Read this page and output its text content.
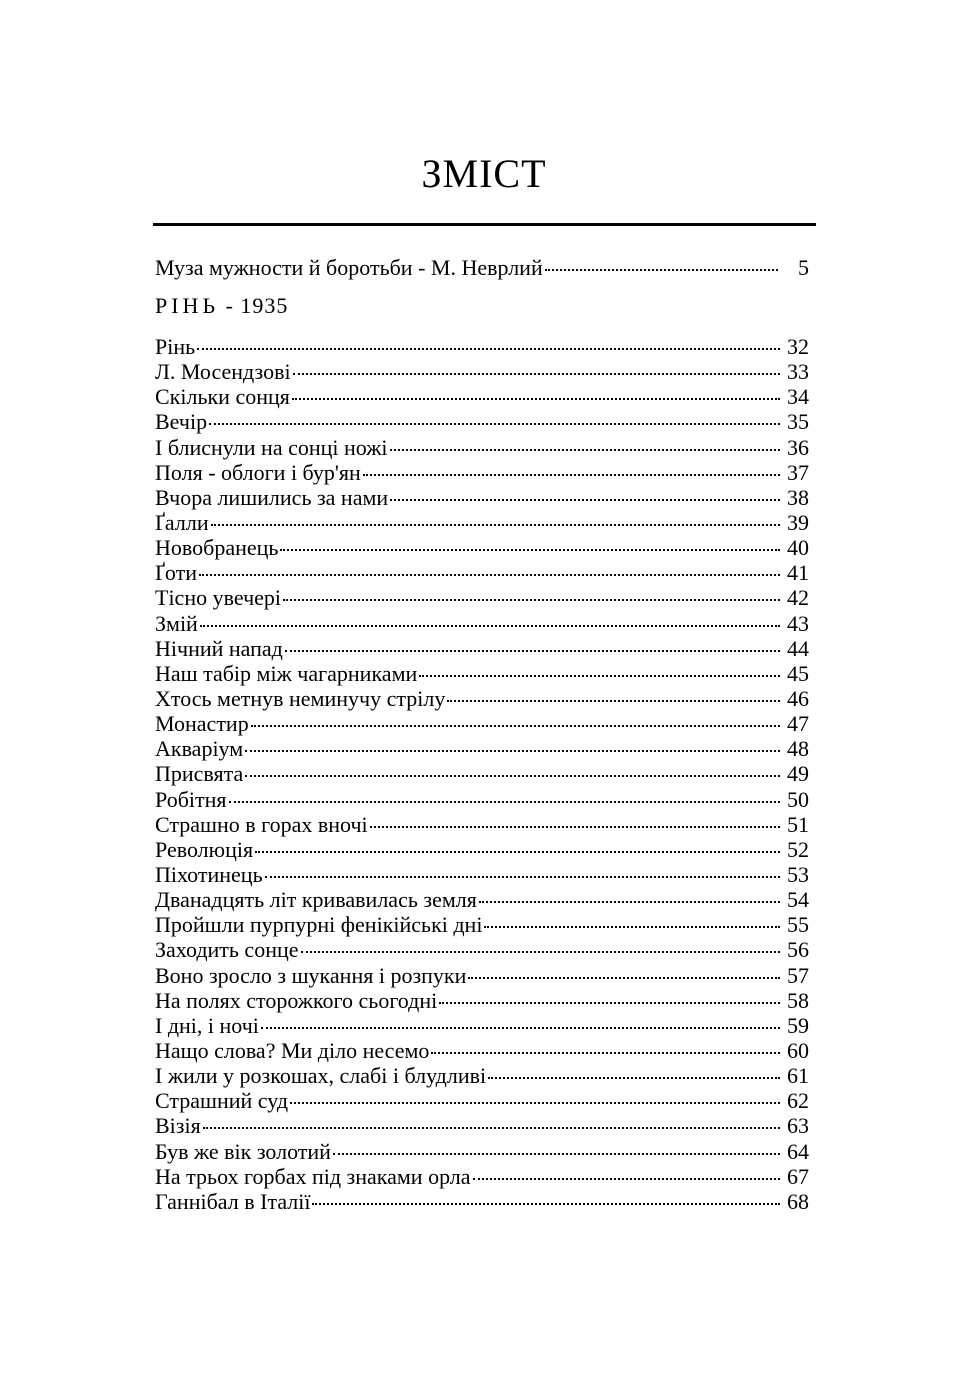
ЗМІСТ
Муза мужности й боротьби - М. Неврлий	5
РІНЬ - 1935
Рінь	32
Л. Мосендзові	33
Скільки сонця	34
Вечір	35
І блиснули на сонці ножі	36
Поля - облоги і бур'ян	37
Вчора лишились за нами	38
Ґалли	39
Новобранець	40
Ґоти	41
Тісно увечері	42
Змій	43
Нічний напад	44
Наш табір між чагарниками	45
Хтось метнув неминучу стрілу	46
Монастир	47
Акваріум	48
Присвята	49
Робітня	50
Страшно в горах вночі	51
Революція	52
Піхотинець	53
Дванадцять літ кривавилась земля	54
Пройшли пурпурні фенікійські дні	55
Заходить сонце	56
Воно зросло з шукання і розпуки	57
На полях сторожкого сьогодні	58
І дні, і ночі	59
Нащо слова? Ми діло несемо	60
І жили у розкошах, слабі і блудливі	61
Страшний суд	62
Візія	63
Був же вік золотий	64
На трьох горбах під знаками орла	67
Ганнібал в Італії	68
